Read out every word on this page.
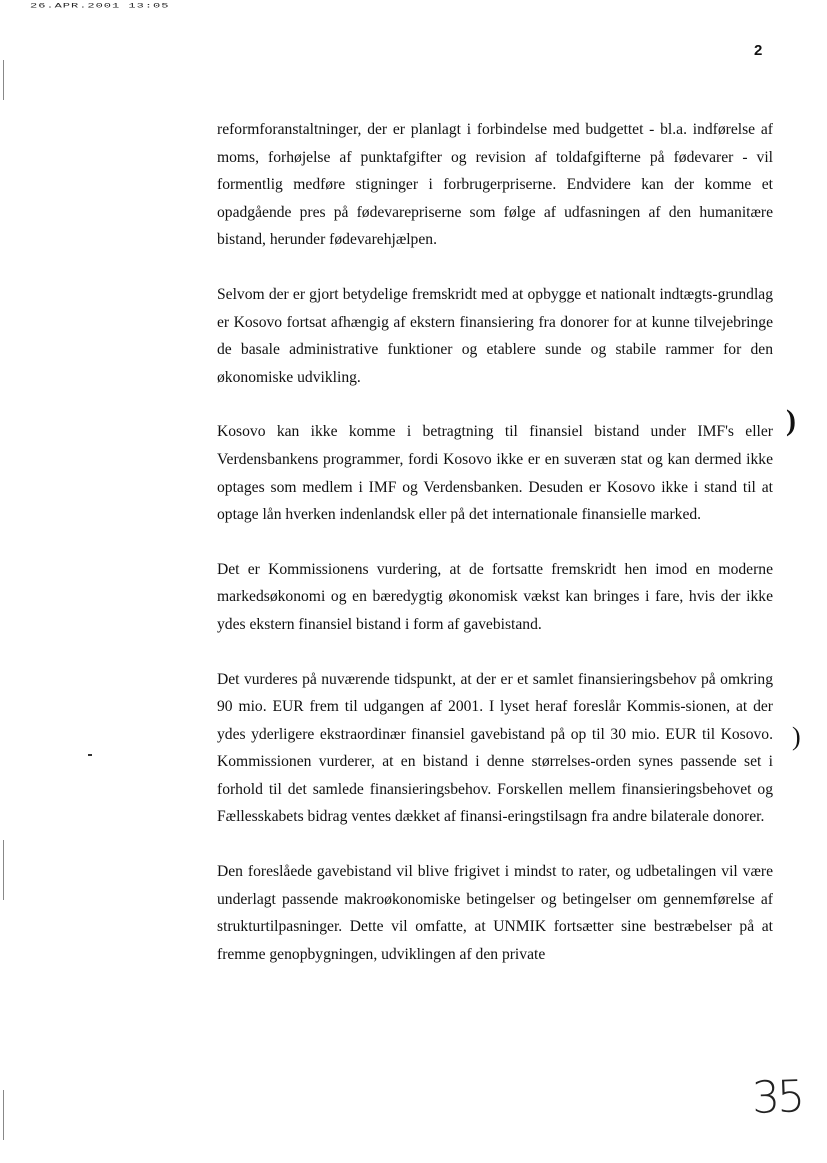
26.APR.2001 13:05
2

reformforanstaltninger, der er planlagt i forbindelse med budgettet - bl.a. indførelse af moms, forhøjelse af punktafgifter og revision af toldafgifterne på fødevarer - vil formentlig medføre stigninger i forbrugerpriserne. Endvidere kan der komme et opadgående pres på fødevarepriserne som følge af udfasningen af den humanitære bistand, herunder fødevarehjælpen.

Selvom der er gjort betydelige fremskridt med at opbygge et nationalt indtægts-grundlag er Kosovo fortsat afhængig af ekstern finansiering fra donorer for at kunne tilvejebringe de basale administrative funktioner og etablere sunde og stabile rammer for den økonomiske udvikling.

Kosovo kan ikke komme i betragtning til finansiel bistand under IMF's eller Verdensbankens programmer, fordi Kosovo ikke er en suveræn stat og kan dermed ikke optages som medlem i IMF og Verdensbanken. Desuden er Kosovo ikke i stand til at optage lån hverken indenlandsk eller på det internationale finansielle marked.

Det er Kommissionens vurdering, at de fortsatte fremskridt hen imod en moderne markedsøkonomi og en bæredygtig økonomisk vækst kan bringes i fare, hvis der ikke ydes ekstern finansiel bistand i form af gavebistand.

Det vurderes på nuværende tidspunkt, at der er et samlet finansieringsbehov på omkring 90 mio. EUR frem til udgangen af 2001. I lyset heraf foreslår Kommis-sionen, at der ydes yderligere ekstraordinær finansiel gavebistand på op til 30 mio. EUR til Kosovo. Kommissionen vurderer, at en bistand i denne størrelses-orden synes passende set i forhold til det samlede finansieringsbehov. Forskellen mellem finansieringsbehovet og Fællesskabets bidrag ventes dækket af finansi-eringstilsagn fra andre bilaterale donorer.

Den foreslåede gavebistand vil blive frigivet i mindst to rater, og udbetalingen vil være underlagt passende makroøkonomiske betingelser og betingelser om gennemførelse af strukturtilpasninger. Dette vil omfatte, at UNMIK fortsætter sine bestræbelser på at fremme genopbygningen, udviklingen af den private

)
)
35
